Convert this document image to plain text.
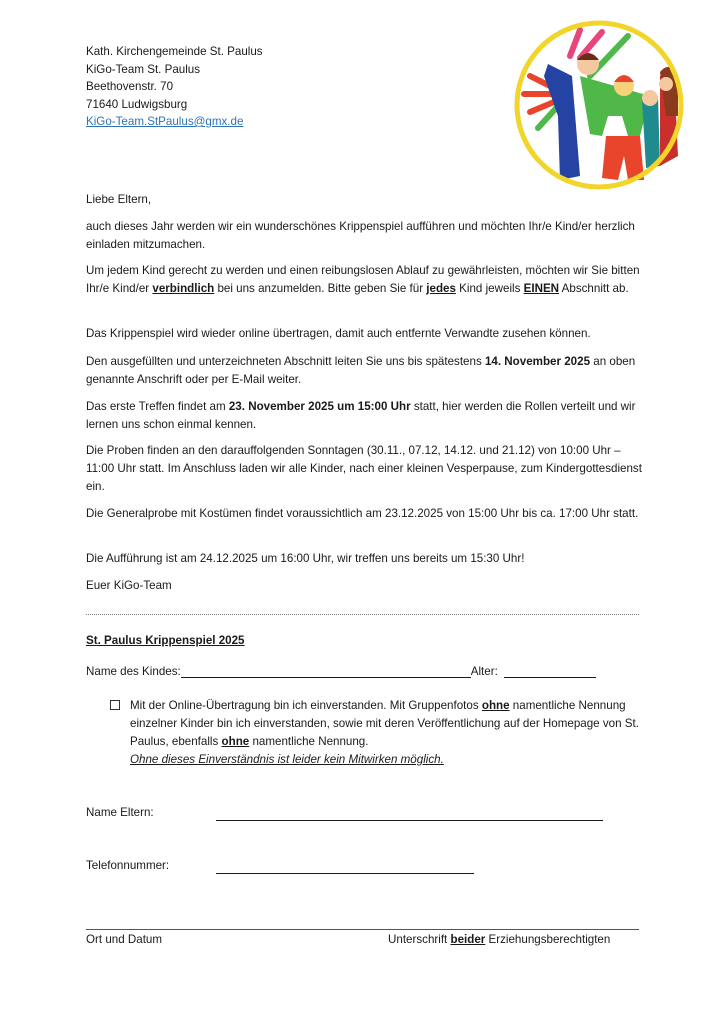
Kath. Kirchengemeinde St. Paulus
KiGo-Team St. Paulus
Beethovenstr. 70
71640 Ludwigsburg
KiGo-Team.StPaulus@gmx.de
Liebe Eltern,
auch dieses Jahr werden wir ein wunderschönes Krippenspiel aufführen und möchten Ihr/e Kind/er herzlich einladen mitzumachen.
Um jedem Kind gerecht zu werden und einen reibungslosen Ablauf zu gewährleisten, möchten wir Sie bitten Ihr/e Kind/er verbindlich bei uns anzumelden. Bitte geben Sie für jedes Kind jeweils EINEN Abschnitt ab.
Das Krippenspiel wird wieder online übertragen, damit auch entfernte Verwandte zusehen können.
Den ausgefüllten und unterzeichneten Abschnitt leiten Sie uns bis spätestens 14. November 2025 an oben genannte Anschrift oder per E-Mail weiter.
Das erste Treffen findet am 23. November 2025 um 15:00 Uhr statt, hier werden die Rollen verteilt und wir lernen uns schon einmal kennen.
Die Proben finden an den darauffolgenden Sonntagen (30.11., 07.12, 14.12. und 21.12) von 10:00 Uhr – 11:00 Uhr statt. Im Anschluss laden wir alle Kinder, nach einer kleinen Vesperpause, zum Kindergottesdienst ein.
Die Generalprobe mit Kostümen findet voraussichtlich am 23.12.2025 von 15:00 Uhr bis ca. 17:00 Uhr statt.
Die Aufführung ist am 24.12.2025 um 16:00 Uhr, wir treffen uns bereits um 15:30 Uhr!
Euer KiGo-Team
St. Paulus Krippenspiel 2025
Name des Kindes:	Alter:
Mit der Online-Übertragung bin ich einverstanden. Mit Gruppenfotos ohne namentliche Nennung einzelner Kinder bin ich einverstanden, sowie mit deren Veröffentlichung auf der Homepage von St. Paulus, ebenfalls ohne namentliche Nennung.
Ohne dieses Einverständnis ist leider kein Mitwirken möglich.
Name Eltern:
Telefonnummer:
Ort und Datum	Unterschrift beider Erziehungsberechtigten
